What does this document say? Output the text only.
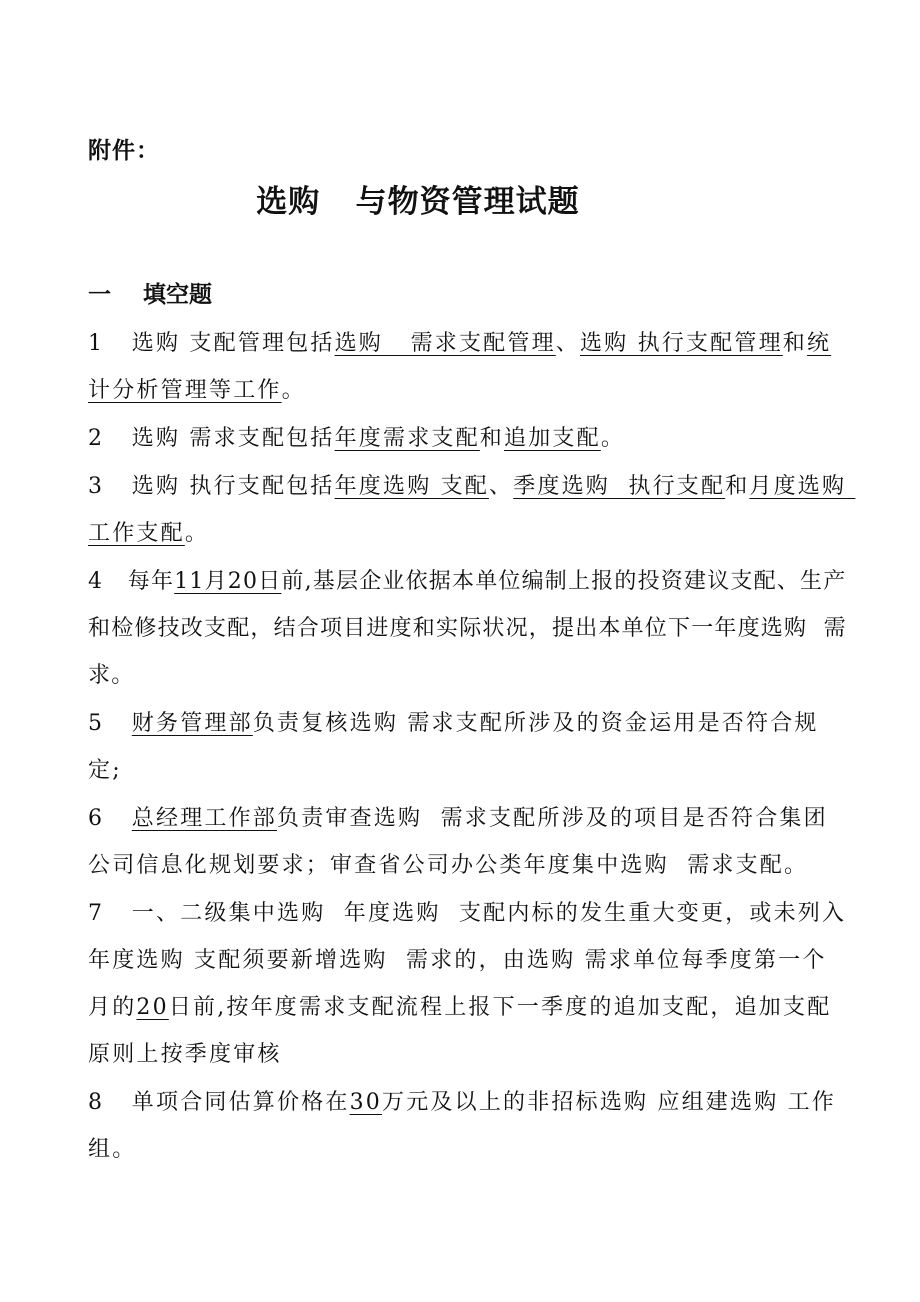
附件：
选购   与物资管理试题
一 填空题
1 选购 支配管理包括选购   需求支配管理、选购 执行支配管理和统计分析管理等工作。
2 选购 需求支配包括年度需求支配和追加支配。
3 选购 执行支配包括年度选购 支配、季度选购  执行支配和月度选购 工作支配。
4 每年11月20日前,基层企业依据本单位编制上报的投资建议支配、生产和检修技改支配，结合项目进度和实际状况，提出本单位下一年度选购  需求。
5 财务管理部负责复核选购 需求支配所涉及的资金运用是否符合规定;
6 总经理工作部负责审查选购  需求支配所涉及的项目是否符合集团公司信息化规划要求；审查省公司办公类年度集中选购  需求支配。
7 一、二级集中选购  年度选购  支配内标的发生重大变更，或未列入年度选购 支配须要新增选购  需求的，由选购 需求单位每季度第一个月的20日前,按年度需求支配流程上报下一季度的追加支配，追加支配原则上按季度审核
8 单项合同估算价格在30万元及以上的非招标选购 应组建选购 工作组。
